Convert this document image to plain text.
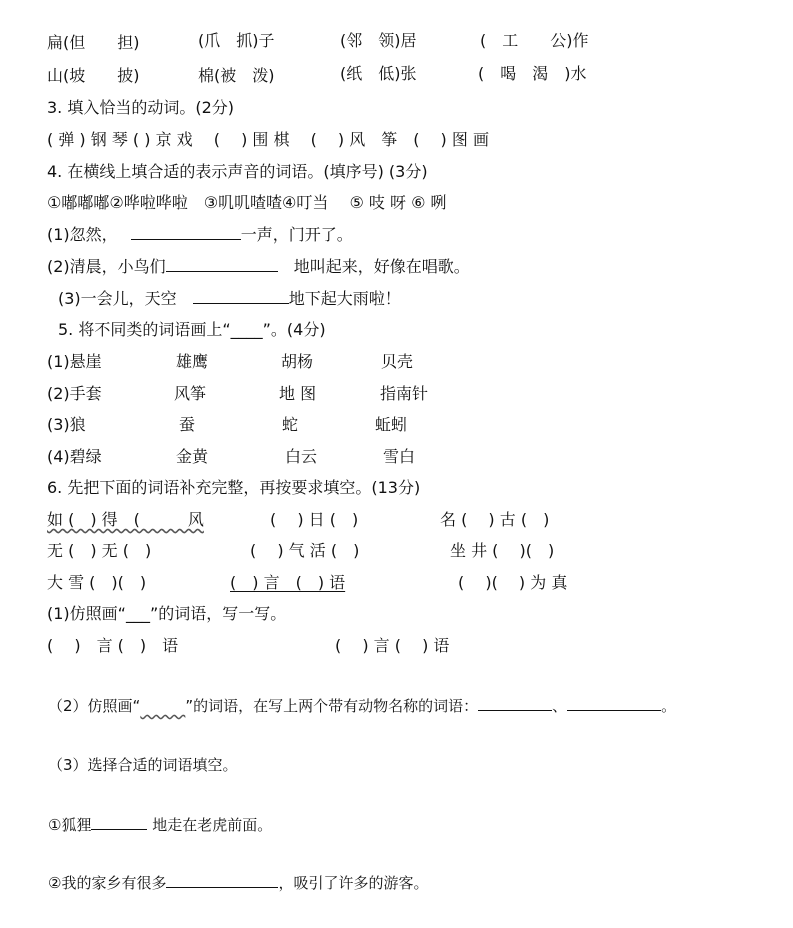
扁(但　　担)	(爪　抓)子	(邻　领)居	(　工　　公)作
山(坡　　披)	棉(被　泼)	(纸　低)张	(　喝　渴　)水
3. 填入恰当的动词。(2分)
( 弹 ) 钢 琴 ( ) 京 戏　 (　 ) 围 棋　 (　 ) 风　筝　(　 ) 图 画
4. 在横线上填合适的表示声音的词语。(填序号) (3分)
①嘟嘟嘟②哗啦哗啦　③叽叽喳喳④叮当　 ⑤ 吱 呀 ⑥ 咧
(1)忽然，　	一声，门开了。
(2)清晨，小鸟们　	地叫起来，好像在唱歌。
(3)一会儿，天空　	地下起大雨啦！
5. 将不同类的词语画上“____”。(4分)
(1)悬崖	雄鹰	胡杨	贝壳
(2)手套	风筝	地 图	指南针
(3)狼	蚕	蛇	蚯蚓
(4)碧绿	金黄	白云	雪白
6. 先把下面的词语补充完整，再按要求填空。(13分)
如 (　) 得　(　　　风	(　 ) 日 (　)	名 (　 ) 古 (　)
无 (　) 无 (　)	(　 ) 气 活 (　)	坐 井 (　 )(　)
大 雪 (　)(　)	(　) 言　(　) 语	(　 )(　 ) 为 真
(1)仿照画“___”的词语，写一写。
(　 )　言 (　)　语	(　 ) 言 (　 ) 语
（2）仿照画“______”的词语，在写上两个带有动物名称的词语：	、	。
（3）选择合适的词语填空。
①狐狸	地走在老虎前面。
②我的家乡有很多	，吸引了许多的游客。
